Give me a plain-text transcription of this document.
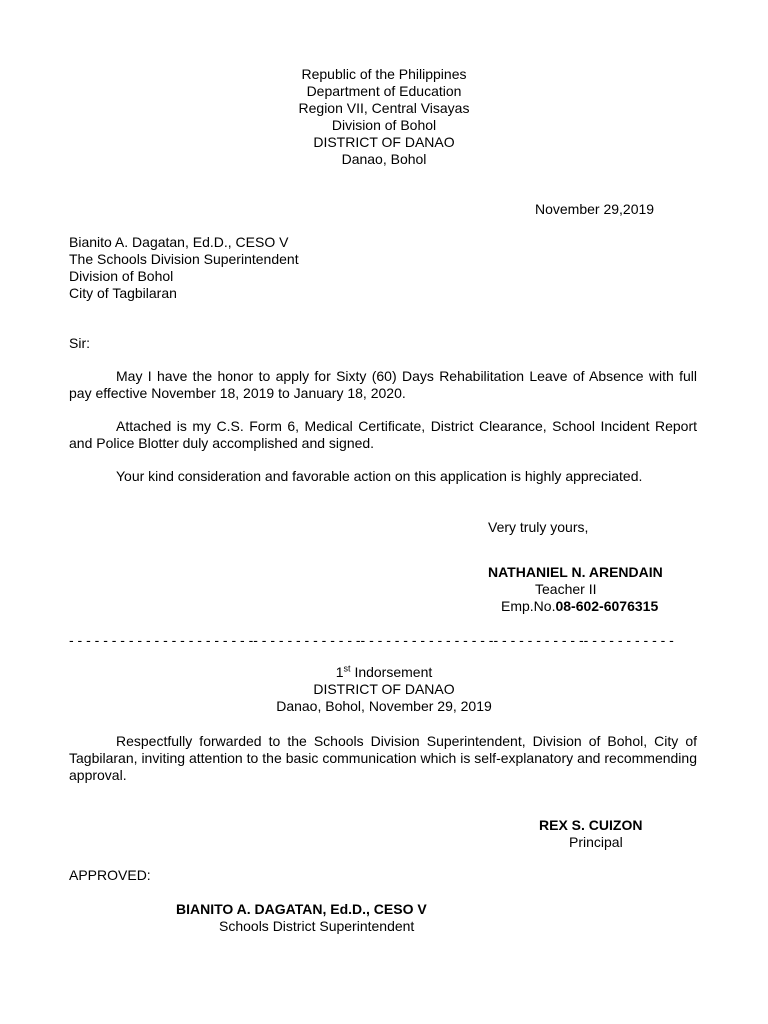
Republic of the Philippines
Department of Education
Region VII, Central Visayas
Division of Bohol
DISTRICT OF DANAO
Danao, Bohol
November 29,2019
Bianito A. Dagatan, Ed.D., CESO V
The Schools Division Superintendent
Division of Bohol
City of Tagbilaran
Sir:
May I have the honor to apply for Sixty (60) Days Rehabilitation Leave of Absence with full pay effective November 18, 2019 to January 18, 2020.
Attached is my C.S. Form 6, Medical Certificate, District Clearance, School Incident Report and Police Blotter duly accomplished and signed.
Your kind consideration and favorable action on this application is highly appreciated.
Very truly yours,
NATHANIEL N. ARENDAIN
Teacher II
Emp.No.08-602-6076315
- - - - - - - - - - - - - - - - - - - - - -- - - - - - - - - - - - -- - - - - - - - - - - - - - - -- - - - - - - - - - -- - - - - - - - - - -
1st Indorsement
DISTRICT OF DANAO
Danao, Bohol, November 29, 2019
Respectfully forwarded to the Schools Division Superintendent, Division of Bohol, City of Tagbilaran, inviting attention to the basic communication which is self-explanatory and recommending approval.
REX S. CUIZON
Principal
APPROVED:
BIANITO A. DAGATAN, Ed.D., CESO V
Schools District Superintendent
